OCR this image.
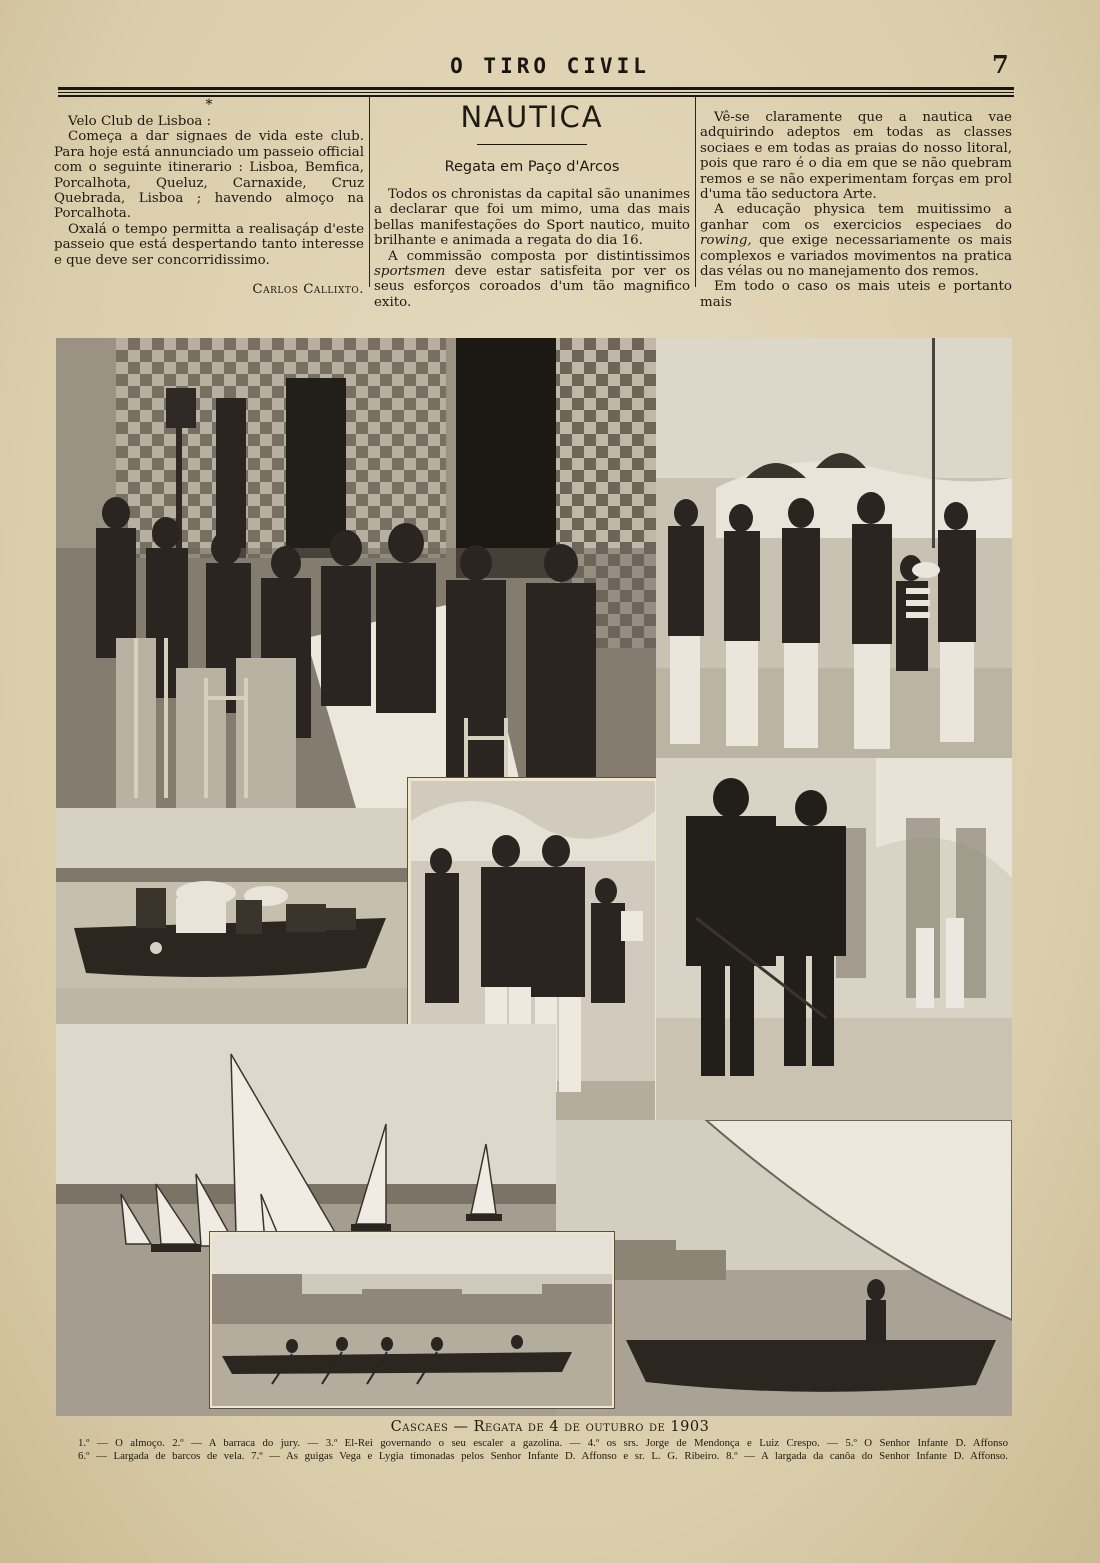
O TIRO CIVIL	7
*

Velo Club de Lisboa :

Começa a dar signaes de vida este club. Para hoje está annunciado um passeio official com o seguinte itinerario : Lisboa, Bemfica, Porcalhota, Queluz, Carnaxide, Cruz Quebrada, Lisboa ; havendo almoço na Porcalhota.

Oxalá o tempo permitta a realisaçáp d'este passeio que está despertando tanto interesse e que deve ser concorridissimo.

Carlos Callixto.

NAUTICA
Regata em Paço d'Arcos

Todos os chronistas da capital são unanimes a declarar que foi um mimo, uma das mais bellas manifestações do Sport nautico, muito brilhante e animada a regata do dia 16.

A commissão composta por distintissimos sportsmen deve estar satisfeita por ver os seus esforços coroados d'um tão magnifico exito.

Vê-se claramente que a nautica vae adquirindo adeptos em todas as classes sociaes e em todas as praias do nosso litoral, pois que raro é o dia em que se não quebram remos e se não experimentam forças em prol d'uma tão seductora Arte.

A educação physica tem muitissimo a ganhar com os exercicios especiaes do rowing, que exige necessariamente os mais complexos e variados movimentos na pratica das vélas ou no manejamento dos remos.

Em todo o caso os mais uteis e portanto mais

Cascaes — Regata de 4 de outubro de 1903
1.º — O almoço. 2.º — A barraca do jury. — 3.º El-Rei governando o seu escaler a gazolina. — 4.º os srs. Jorge de Mendonça e Luiz Crespo. — 5.º O Senhor Infante D. Affonso
6.º — Largada de barcos de vela. 7.º — As guigas Vega e Lygia timonadas pelos Senhor Infante D. Affonso e sr. L. G. Ribeiro. 8.º — A largada da canôa do Senhor Infante D. Affonso.
